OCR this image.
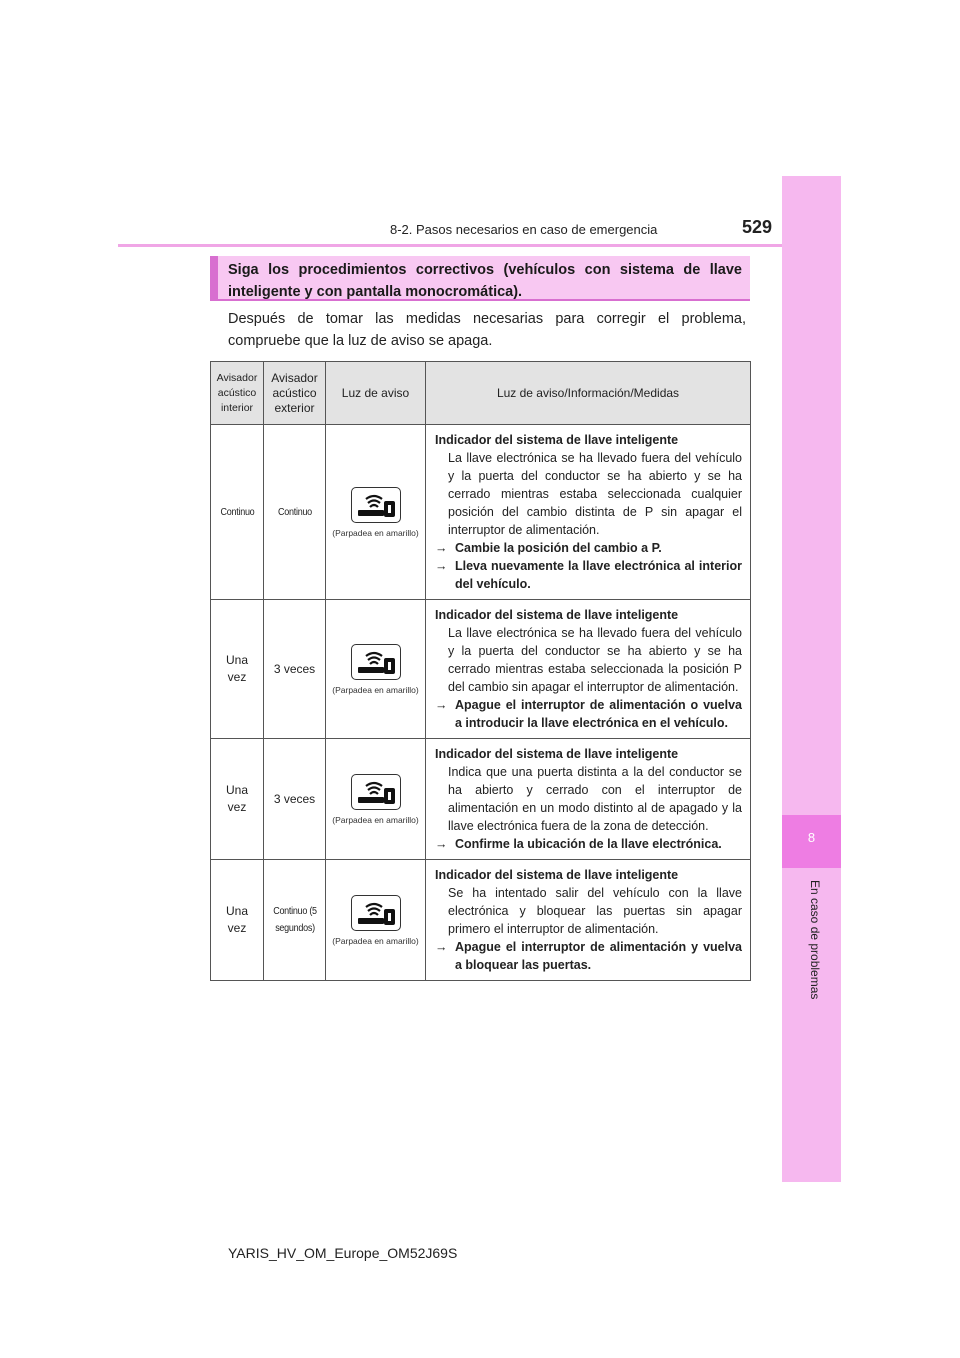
8
En caso de problemas
8-2. Pasos necesarios en caso de emergencia	529
Siga los procedimientos correctivos (vehículos con sistema de llave inteligente y con pantalla monocromática).
Después de tomar las medidas necesarias para corregir el problema, compruebe que la luz de aviso se apaga.
Avisador acústico interior	Avisador acústico exterior	Luz de aviso	Luz de aviso/Información/Medidas
Continuo	Continuo	(Parpadea en amarillo)	Indicador del sistema de llave inteligente
La llave electrónica se ha llevado fuera del vehículo y la puerta del conductor se ha abierto y se ha cerrado mientras estaba seleccionada cualquier posición del cambio distinta de P sin apagar el interruptor de alimentación.
→ Cambie la posición del cambio a P.
→ Lleva nuevamente la llave electrónica al interior del vehículo.

Una vez	3 veces	(Parpadea en amarillo)	Indicador del sistema de llave inteligente
La llave electrónica se ha llevado fuera del vehículo y la puerta del conductor se ha abierto y se ha cerrado mientras estaba seleccionada la posición P del cambio sin apagar el interruptor de alimentación.
→ Apague el interruptor de alimentación o vuelva a introducir la llave electrónica en el vehículo.

Una vez	3 veces	(Parpadea en amarillo)	Indicador del sistema de llave inteligente
Indica que una puerta distinta a la del conductor se ha abierto y cerrado con el interruptor de alimentación en un modo distinto al de apagado y la llave electrónica fuera de la zona de detección.
→ Confirme la ubicación de la llave electrónica.

Una vez	Continuo (5 segundos)	(Parpadea en amarillo)	Indicador del sistema de llave inteligente
Se ha intentado salir del vehículo con la llave electrónica y bloquear las puertas sin apagar primero el interruptor de alimentación.
→ Apague el interruptor de alimentación y vuelva a bloquear las puertas.
YARIS_HV_OM_Europe_OM52J69S
